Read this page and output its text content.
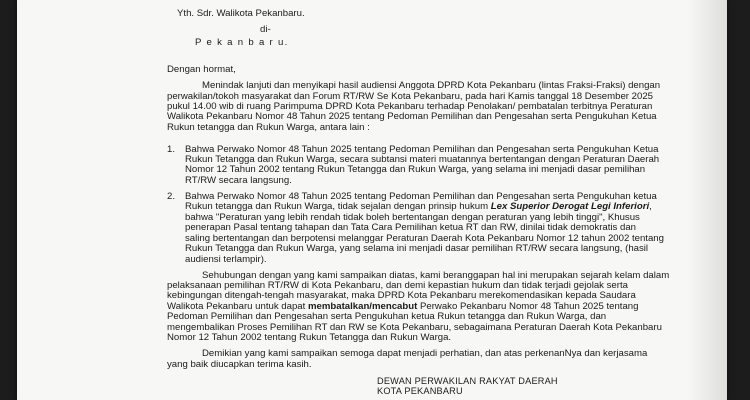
Yth. Sdr. Walikota Pekanbaru.
di-
P e k a n b a r u.
Dengan hormat,
Menindak lanjuti dan menyikapi hasil audiensi Anggota DPRD Kota Pekanbaru (lintas Fraksi-Fraksi) dengan
perwakilan/tokoh masyarakat dan Forum RT/RW Se Kota Pekanbaru, pada hari Kamis tanggal 18 Desember 2025
pukul 14.00 wib di ruang Parimpuma DPRD Kota Pekanbaru terhadap Penolakan/ pembatalan terbitnya Peraturan
Walikota Pekanbaru Nomor 48 Tahun 2025 tentang Pedoman Pemilihan dan Pengesahan serta Pengukuhan Ketua
Rukun tetangga dan Rukun Warga, antara lain :
1. Bahwa Perwako Nomor 48 Tahun 2025 tentang Pedoman Pemilihan dan Pengesahan serta Pengukuhan Ketua
Rukun Tetangga dan Rukun Warga, secara subtansi materi muatannya bertentangan dengan Peraturan Daerah
Nomor 12 Tahun 2002 tentang Rukun Tetangga dan Rukun Warga, yang selama ini menjadi dasar pemilihan
RT/RW secara langsung.
2. Bahwa Perwako Nomor 48 Tahun 2025 tentang Pedoman Pemilihan dan Pengesahan serta Pengukuhan ketua
Rukun tetangga dan Rukun Warga, tidak sejalan dengan prinsip hukum Lex Superior Derogat Legi Inferiori,
bahwa "Peraturan yang lebih rendah tidak boleh bertentangan dengan peraturan yang lebih tinggi", Khusus
penerapan Pasal tentang tahapan dan Tata Cara Pemilihan ketua RT dan RW, dinilai tidak demokratis dan
saling bertentangan dan berpotensi melanggar Peraturan Daerah Kota Pekanbaru Nomor 12 tahun 2002 tentang
Rukun Tetangga dan Rukun Warga, yang selama ini menjadi dasar pemilihan RT/RW secara langsung, (hasil
audiensi terlampir).
Sehubungan dengan yang kami sampaikan diatas, kami beranggapan hal ini merupakan sejarah kelam dalam
pelaksanaan pemilihan RT/RW di Kota Pekanbaru, dan demi kepastian hukum dan tidak terjadi gejolak serta
kebingungan ditengah-tengah masyarakat, maka DPRD Kota Pekanbaru merekomendasikan kepada Saudara
Walikota Pekanbaru untuk dapat membatalkan/mencabut Perwako Pekanbaru Nomor 48 Tahun 2025 tentang
Pedoman Pemilihan dan Pengesahan serta Pengukuhan ketua Rukun tetangga dan Rukun Warga, dan
mengembalikan Proses Pemilihan RT dan RW se Kota Pekanbaru, sebagaimana Peraturan Daerah Kota Pekanbaru
Nomor 12 Tahun 2002 tentang Rukun Tetangga dan Rukun Warga.
Demikian yang kami sampaikan semoga dapat menjadi perhatian, dan atas perkenanNya dan kerjasama
yang baik diucapkan terima kasih.
DEWAN PERWAKILAN RAKYAT DAERAH
KOTA PEKANBARU
